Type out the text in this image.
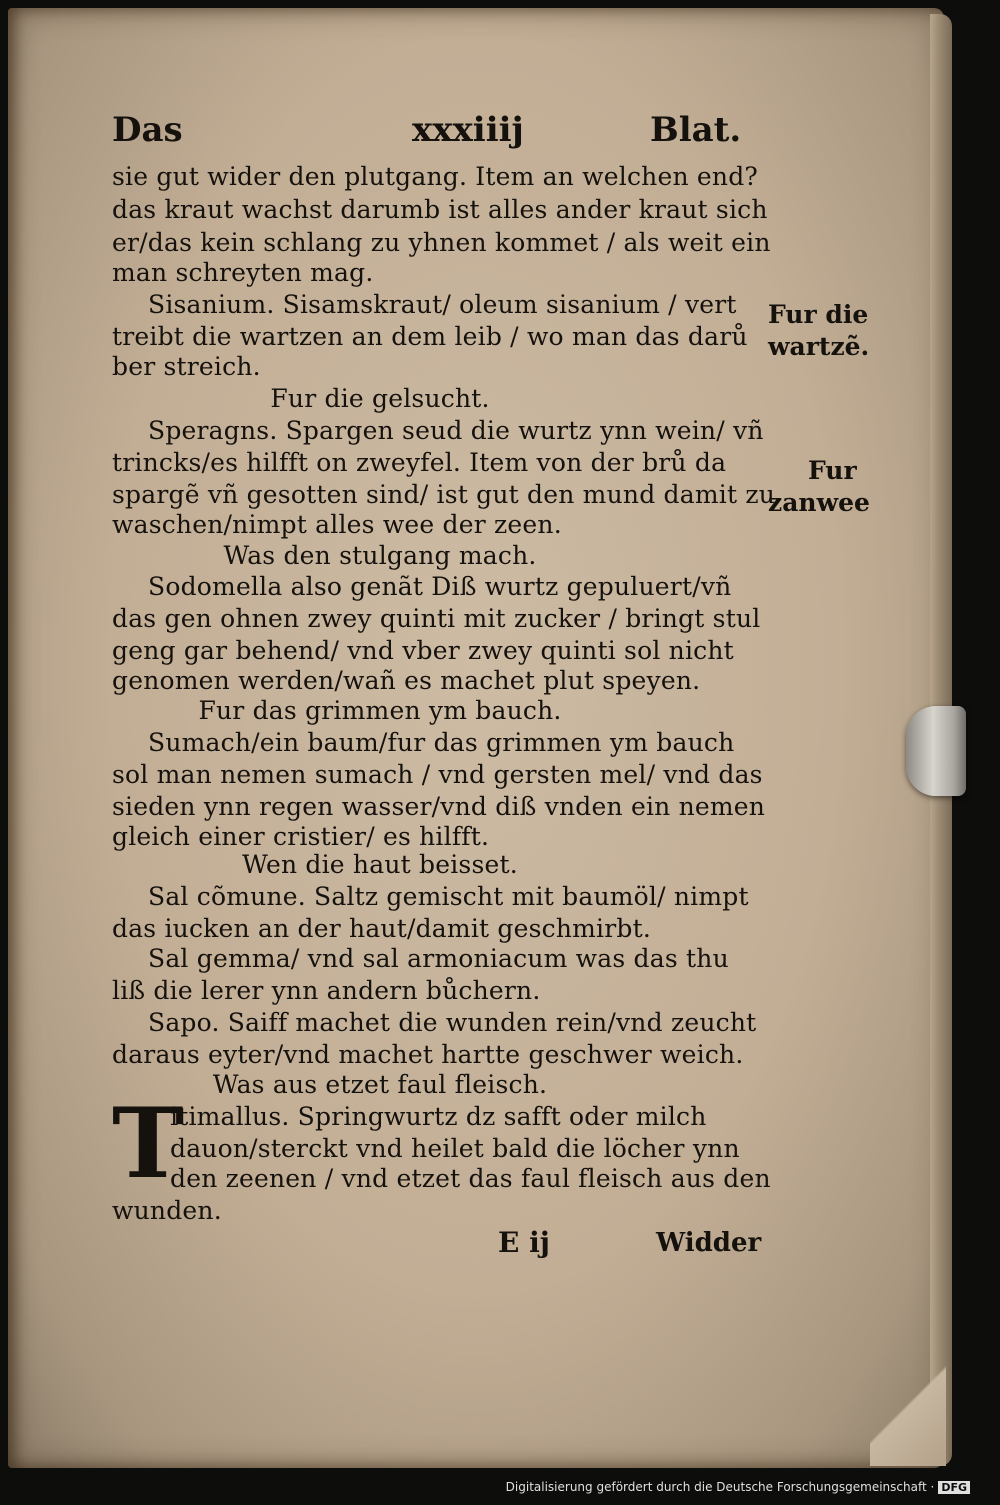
Das	xxxiiij	Blat.
sie gut wider den plutgang. Item an welchen end?
das kraut wachst darumb ist alles ander kraut sich
er/das kein schlang zu yhnen kommet / als weit ein
man schreyten mag.
Sisanium. Sisamskraut/ oleum sisanium / vert
treibt die wartzen an dem leib / wo man das darů
ber streich.
Fur die gelsucht.
Speragns. Spargen seud die wurtz ynn wein/ vñ
trincks/es hilfft on zweyfel. Item von der brů da
spargẽ vñ gesotten sind/ ist gut den mund damit zu
waschen/nimpt alles wee der zeen.
Was den stulgang mach.
Sodomella also genãt Diß wurtz gepuluert/vñ
das gen ohnen zwey quinti mit zucker / bringt stul
geng gar behend/ vnd vber zwey quinti sol nicht
genomen werden/wañ es machet plut speyen.
Fur das grimmen ym bauch.
Sumach/ein baum/fur das grimmen ym bauch
sol man nemen sumach / vnd gersten mel/ vnd das
sieden ynn regen wasser/vnd diß vnden ein nemen
gleich einer cristier/ es hilfft.
Wen die haut beisset.
Sal cõmune. Saltz gemischt mit baumöl/ nimpt
das iucken an der haut/damit geschmirbt.
Sal gemma/ vnd sal armoniacum was das thu
liß die lerer ynn andern bůchern.
Sapo. Saiff machet die wunden rein/vnd zeucht
daraus eyter/vnd machet hartte geschwer weich.
Was aus etzet faul fleisch.
T
itimallus. Springwurtz dz safft oder milch
dauon/sterckt vnd heilet bald die löcher ynn
den zeenen / vnd etzet das faul fleisch aus den
wunden.
Fur die
wartzẽ.
Fur
zanwee
E ij	Widder
Digitalisierung gefördert durch die Deutsche Forschungsgemeinschaft · DFG
